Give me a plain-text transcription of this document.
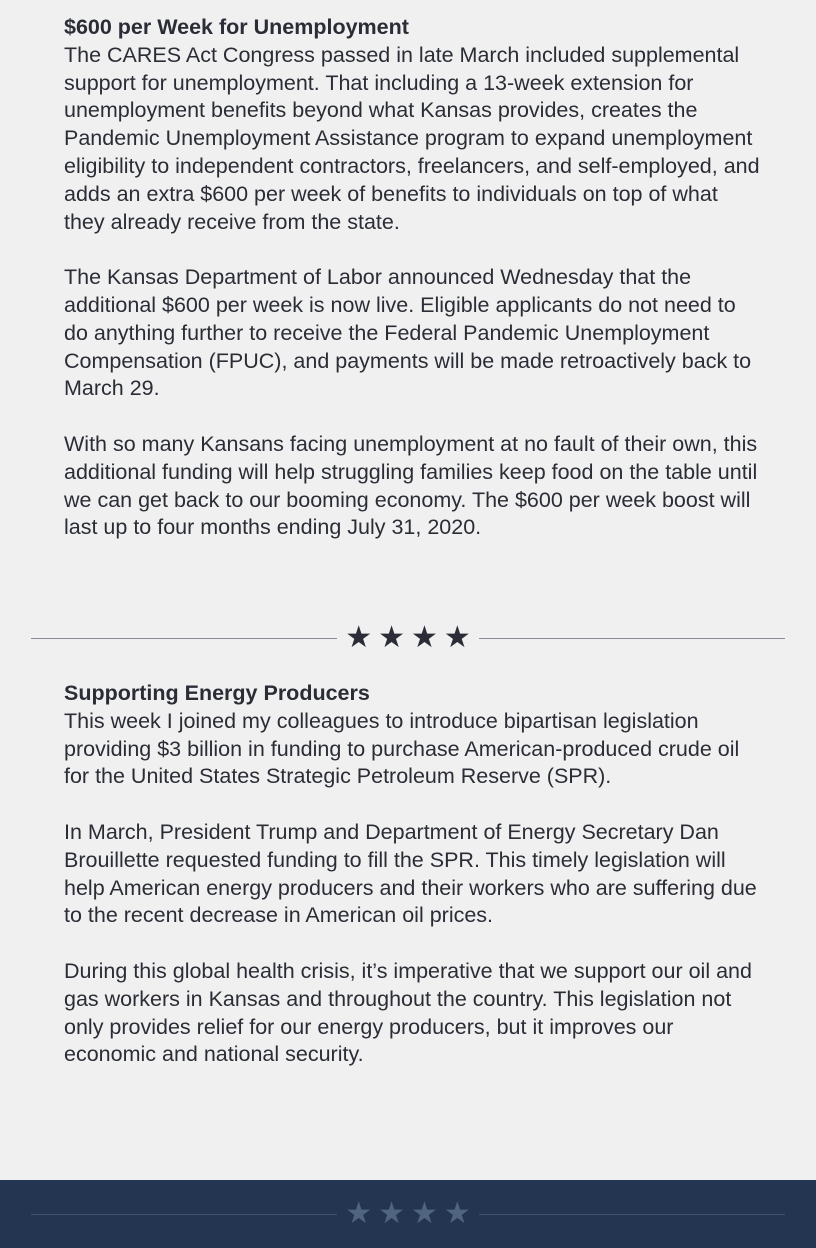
$600 per Week for Unemployment

The CARES Act Congress passed in late March included supplemental support for unemployment. That including a 13-week extension for unemployment benefits beyond what Kansas provides, creates the Pandemic Unemployment Assistance program to expand unemployment eligibility to independent contractors, freelancers, and self-employed, and adds an extra $600 per week of benefits to individuals on top of what they already receive from the state.

The Kansas Department of Labor announced Wednesday that the additional $600 per week is now live. Eligible applicants do not need to do anything further to receive the Federal Pandemic Unemployment Compensation (FPUC), and payments will be made retroactively back to March 29.

With so many Kansans facing unemployment at no fault of their own, this additional funding will help struggling families keep food on the table until we can get back to our booming economy. The $600 per week boost will last up to four months ending July 31, 2020.

★ ★ ★ ★
Supporting Energy Producers

This week I joined my colleagues to introduce bipartisan legislation providing $3 billion in funding to purchase American-produced crude oil for the United States Strategic Petroleum Reserve (SPR).

In March, President Trump and Department of Energy Secretary Dan Brouillette requested funding to fill the SPR. This timely legislation will help American energy producers and their workers who are suffering due to the recent decrease in American oil prices.

During this global health crisis, it’s imperative that we support our oil and gas workers in Kansas and throughout the country. This legislation not only provides relief for our energy producers, but it improves our economic and national security.

★ ★ ★ ★
